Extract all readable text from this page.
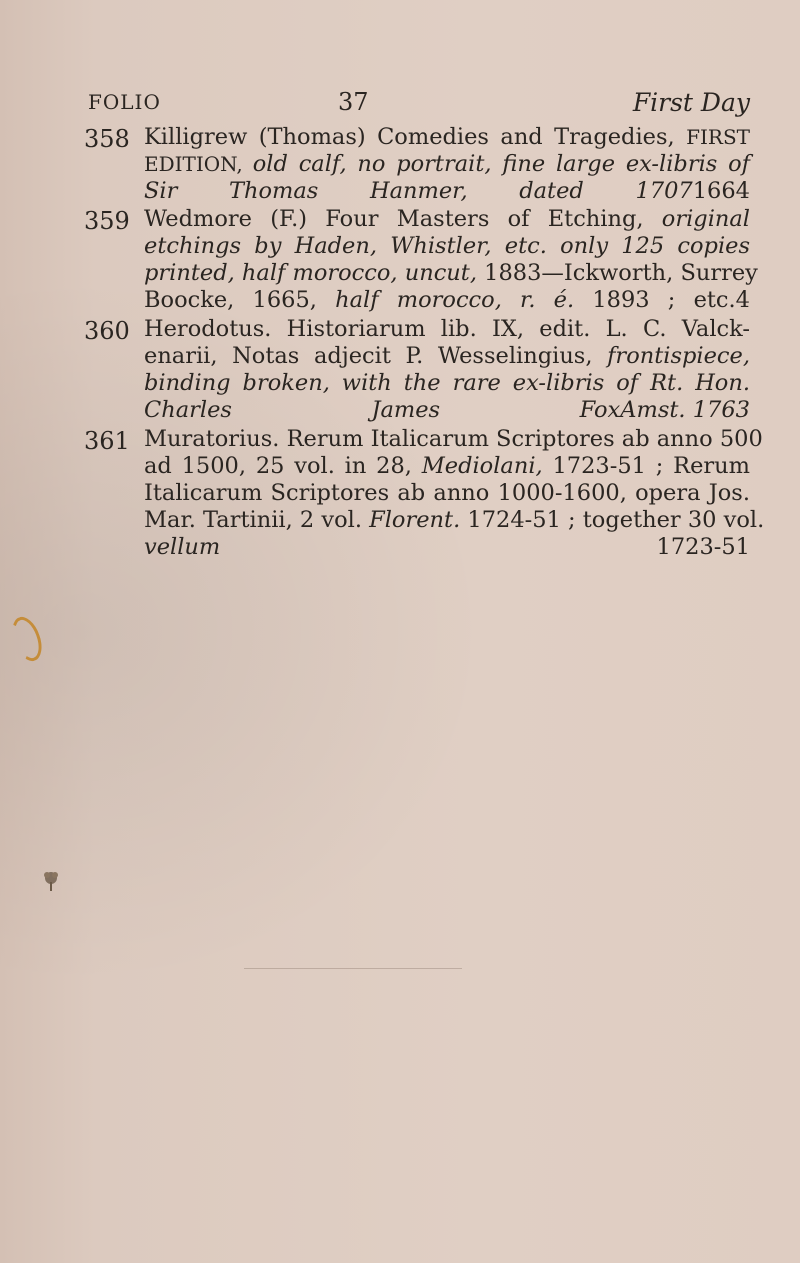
FOLIO	37	First Day
358 Killigrew (Thomas) Comedies and Tragedies, FIRST
EDITION, old calf, no portrait, fine large ex-libris of
Sir Thomas Hanmer, dated 1707 1664
359 Wedmore (F.) Four Masters of Etching, original
etchings by Haden, Whistler, etc. only 125 copies
printed, half morocco, uncut, 1883—Ickworth, Surrey
Boocke, 1665, half morocco, r. é. 1893 ; etc. 4
360 Herodotus. Historiarum lib. IX, edit. L. C. Valck-
enarii, Notas adjecit P. Wesselingius, frontispiece,
binding broken, with the rare ex-libris of Rt. Hon.
Charles James Fox Amst. 1763
361 Muratorius. Rerum Italicarum Scriptores ab anno 500
ad 1500, 25 vol. in 28, Mediolani, 1723-51 ; Rerum
Italicarum Scriptores ab anno 1000-1600, opera Jos.
Mar. Tartinii, 2 vol. Florent. 1724-51 ; together 30 vol.
vellum	1723-51
